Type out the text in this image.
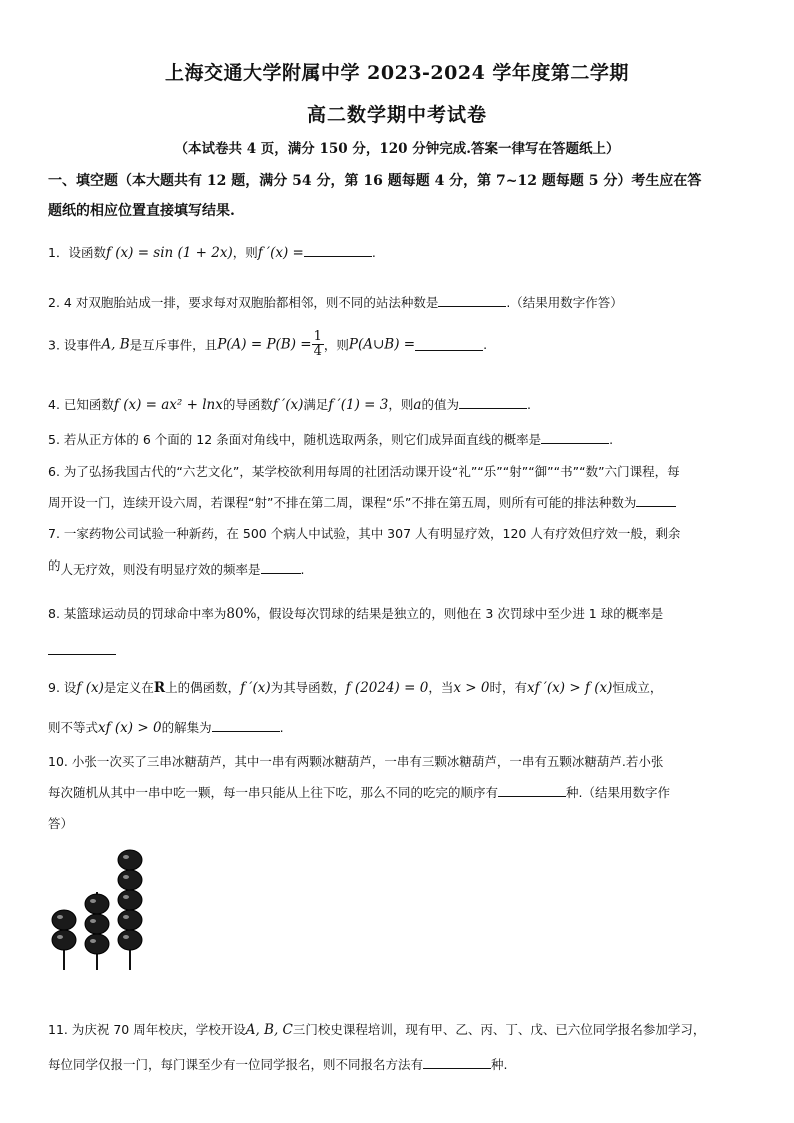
上海交通大学附属中学 2023-2024 学年度第二学期
高二数学期中考试卷
（本试卷共 4 页，满分 150 分，120 分钟完成.答案一律写在答题纸上）
一、填空题（本大题共有 12 题，满分 54 分，第 16 题每题 4 分，第 7~12 题每题 5 分）考生应在答
题纸的相应位置直接填写结果.
1．设函数f (x) = sin (1 + 2x)，则f ′(x) =	.
2. 4 对双胞胎站成一排，要求每对双胞胎都相邻，则不同的站法种数是	.（结果用数字作答）
3. 设事件A, B是互斥事件，且$P(A) = P(B) = \frac{1}{4}$ ，则P(A∪B) =	.
4. 已知函数f (x) = ax² + lnx的导函数f ′(x)满足f ′(1) = 3，则a的值为	.
5. 若从正方体的 6 个面的 12 条面对角线中，随机选取两条，则它们成异面直线的概率是	.
6. 为了弘扬我国古代的“六艺文化”，某学校欲利用每周的社团活动课开设“礼”“乐”“射”“御”“书”“数”六门课程，每
周开设一门，连续开设六周，若课程“射”不排在第二周，课程“乐”不排在第五周，则所有可能的排法种数为
7. 一家药物公司试验一种新药，在 500 个病人中试验，其中 307 人有明显疗效，120 人有疗效但疗效一般，剩余
的人无疗效，则没有明显疗效的频率是	.
8. 某篮球运动员的罚球命中率为80%，假设每次罚球的结果是独立的，则他在 3 次罚球中至少进 1 球的概率是
9. 设f (x)是定义在R上的偶函数，f ′(x)为其导函数，f (2024) = 0，当x > 0时，有xf ′(x) > f (x)恒成立，
则不等式xf (x) > 0的解集为	.
10. 小张一次买了三串冰糖葫芦，其中一串有两颗冰糖葫芦，一串有三颗冰糖葫芦，一串有五颗冰糖葫芦.若小张
每次随机从其中一串中吃一颗，每一串只能从上往下吃，那么不同的吃完的顺序有	种.（结果用数字作
答）
11. 为庆祝 70 周年校庆，学校开设A, B, C三门校史课程培训，现有甲、乙、丙、丁、戊、已六位同学报名参加学习，
每位同学仅报一门，每门课至少有一位同学报名，则不同报名方法有	种.
